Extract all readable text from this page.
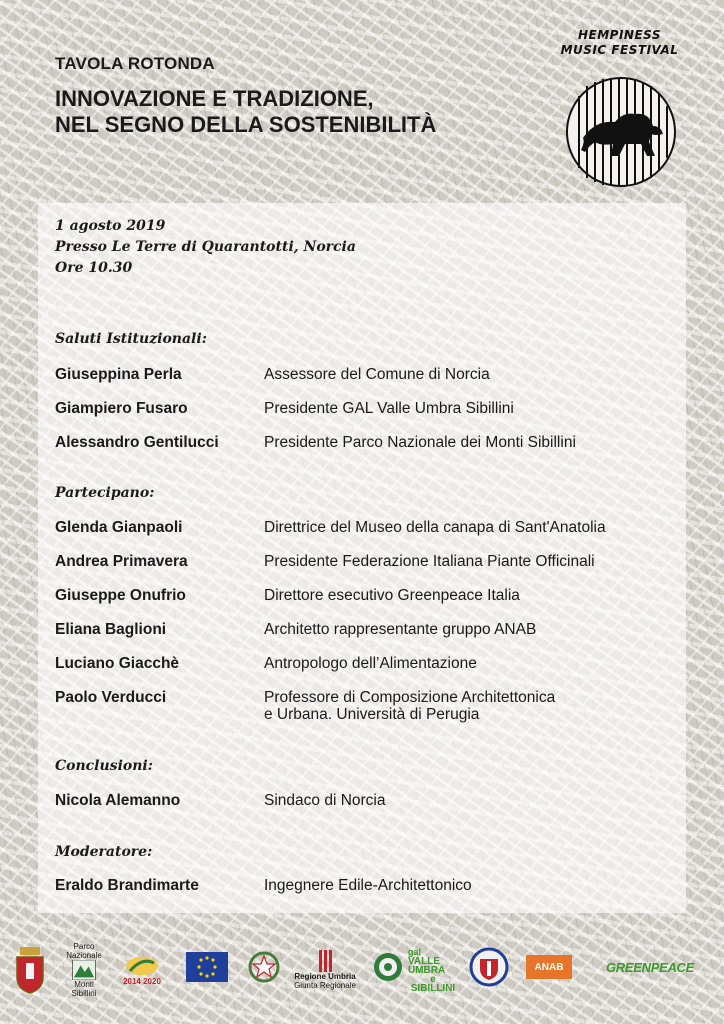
TAVOLA ROTONDA
INNOVAZIONE E TRADIZIONE,
NEL SEGNO DELLA SOSTENIBILITÀ
HEMPINESS
MUSIC FESTIVAL
1 agosto 2019
Presso Le Terre di Quarantotti, Norcia
Ore 10.30
Saluti Istituzionali:
Giuseppina Perla	Assessore del Comune di Norcia
Giampiero Fusaro	Presidente GAL Valle Umbra Sibillini
Alessandro Gentilucci	Presidente Parco Nazionale dei Monti Sibillini
Partecipano:
Glenda Gianpaoli	Direttrice del Museo della canapa di Sant'Anatolia
Andrea Primavera	Presidente Federazione Italiana Piante Officinali
Giuseppe Onufrio	Direttore esecutivo Greenpeace Italia
Eliana Baglioni	Architetto rappresentante gruppo ANAB
Luciano Giacchè	Antropologo dell’Alimentazione
Paolo Verducci	Professore di Composizione Architettonica
e Urbana. Università di Perugia
Conclusioni:
Nicola Alemanno	Sindaco di Norcia
Moderatore:
Eraldo Brandimarte	Ingegnere Edile-Architettonico
Parco Nazionale
Monti Sibillini
2014 2020	Regione Umbria
Giunta Regionale
gal
VALLE
UMBRA
e SIBILLINI
ANAB	GREENPEACE
